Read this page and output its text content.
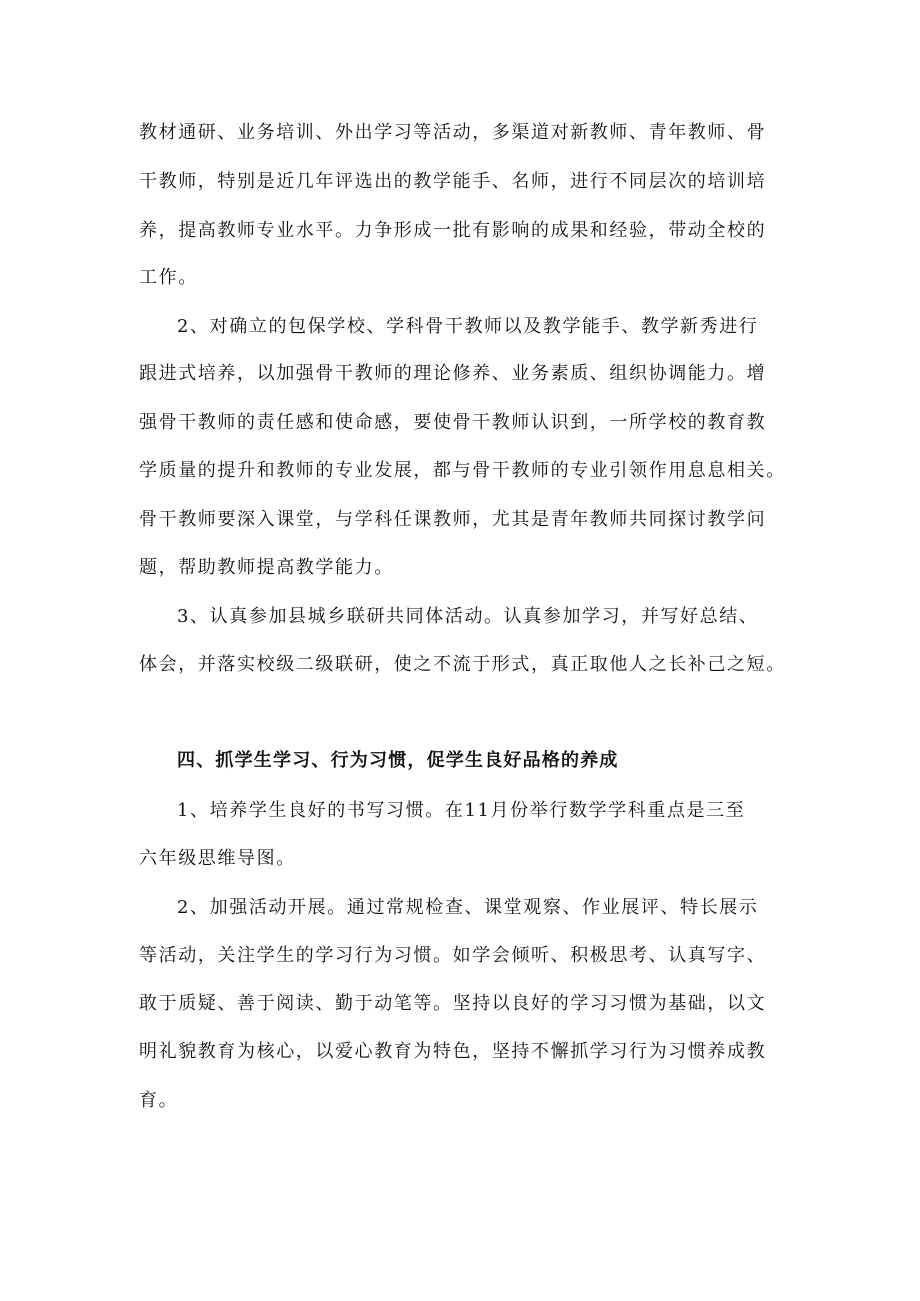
教材通研、业务培训、外出学习等活动，多渠道对新教师、青年教师、骨
干教师，特别是近几年评选出的教学能手、名师，进行不同层次的培训培
养，提高教师专业水平。力争形成一批有影响的成果和经验，带动全校的
工作。
2、对确立的包保学校、学科骨干教师以及教学能手、教学新秀进行
跟进式培养，以加强骨干教师的理论修养、业务素质、组织协调能力。增
强骨干教师的责任感和使命感，要使骨干教师认识到，一所学校的教育教
学质量的提升和教师的专业发展，都与骨干教师的专业引领作用息息相关。
骨干教师要深入课堂，与学科任课教师，尤其是青年教师共同探讨教学问
题，帮助教师提高教学能力。
3、认真参加县城乡联研共同体活动。认真参加学习，并写好总结、
体会，并落实校级二级联研，使之不流于形式，真正取他人之长补己之短。
四、抓学生学习、行为习惯，促学生良好品格的养成
1、培养学生良好的书写习惯。在11月份举行数学学科重点是三至
六年级思维导图。
2、加强活动开展。通过常规检查、课堂观察、作业展评、特长展示
等活动，关注学生的学习行为习惯。如学会倾听、积极思考、认真写字、
敢于质疑、善于阅读、勤于动笔等。坚持以良好的学习习惯为基础，以文
明礼貌教育为核心，以爱心教育为特色，坚持不懈抓学习行为习惯养成教
育。
